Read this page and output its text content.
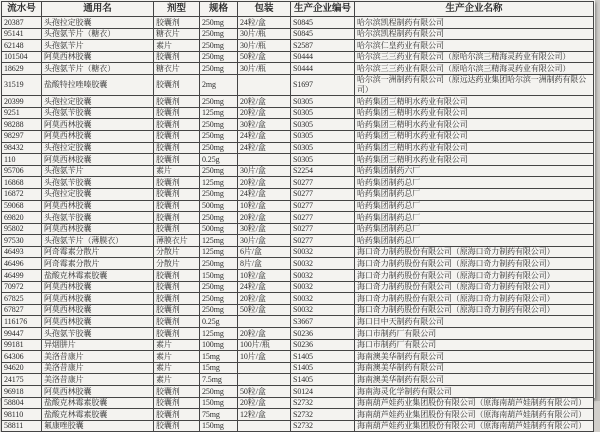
流水号	通用名	剂型	规格	包装	生产企业编号	生产企业名称
20387	头孢拉定胶囊	胶囊剂	250mg	24粒/盒	S0845	哈尔滨凯程制药有限公司
95141	头孢氨苄片（糖衣）	糖衣片	250mg	30片/瓶	S0845	哈尔滨凯程制药有限公司
62148	头孢氨苄片	素片	250mg	30片/瓶	S2587	哈尔滨仁皇药业有限公司
101504	阿莫西林胶囊	胶囊剂	250mg	50粒/盒	S0444	哈尔滨三三药业有限公司（原哈尔滨三精海灵药业有限公司）
18629	头孢氨苄片（糖衣）	糖衣片	250mg	30片/瓶	S0444	哈尔滨三三药业有限公司（原哈尔滨三精海灵药业有限公司）
31519	盐酸特拉唑嗪胶囊	胶囊剂	2mg		S1697	哈尔滨一洲制药有限公司（原远达药业集团哈尔滨一洲制药有限公司）
20399	头孢拉定胶囊	胶囊剂	250mg	20粒/盒	S0305	哈药集团三精明水药业有限公司
9251	头孢氨苄胶囊	胶囊剂	125mg	20粒/盒	S0305	哈药集团三精明水药业有限公司
98288	阿莫西林胶囊	胶囊剂	250mg	30粒/盒	S0305	哈药集团三精明水药业有限公司
98297	阿莫西林胶囊	胶囊剂	250mg	24粒/盒	S0305	哈药集团三精明水药业有限公司
98432	头孢拉定胶囊	胶囊剂	250mg	24粒/盒	S0305	哈药集团三精明水药业有限公司
110	阿莫西林胶囊	胶囊剂	0.25g		S0305	哈药集团三精明水药业有限公司
95706	头孢氨苄片	素片	250mg	30片/盒	S2254	哈药集团制药六厂
16868	头孢氨苄胶囊	胶囊剂	125mg	20粒/盒	S0277	哈药集团制药总厂
16872	头孢拉定胶囊	胶囊剂	250mg	24粒/盒	S0277	哈药集团制药总厂
59068	阿莫西林胶囊	胶囊剂	500mg	10粒/盒	S0277	哈药集团制药总厂
69820	头孢氨苄胶囊	胶囊剂	250mg	20粒/盒	S0277	哈药集团制药总厂
95802	阿莫西林胶囊	胶囊剂	500mg	30粒/盒	S0277	哈药集团制药总厂
97530	头孢氨苄片（薄膜衣）	薄膜衣片	125mg	30片/盒	S0277	哈药集团制药总厂
46493	阿奇霉素分散片	分散片	125mg	6片/盒	S0032	海口奇力制药股份有限公司（原海口奇力制药有限公司）
46496	阿奇霉素分散片	分散片	250mg	8片/盒	S0032	海口奇力制药股份有限公司（原海口奇力制药有限公司）
46499	盐酸克林霉素胶囊	胶囊剂	150mg	10粒/盒	S0032	海口奇力制药股份有限公司（原海口奇力制药有限公司）
70972	阿莫西林胶囊	胶囊剂	250mg	24粒/盒	S0032	海口奇力制药股份有限公司（原海口奇力制药有限公司）
67825	阿莫西林胶囊	胶囊剂	250mg	20粒/盒	S0032	海口奇力制药股份有限公司（原海口奇力制药有限公司）
67827	阿莫西林胶囊	胶囊剂	250mg	50粒/盒	S0032	海口奇力制药股份有限公司（原海口奇力制药有限公司）
116176	阿莫西林胶囊	胶囊剂	0.25g		S3667	海口日中天制药有限公司
99447	头孢氨苄胶囊	胶囊剂	125mg	20粒/盒	S0236	海口市制药厂有限公司
99181	异烟肼片	素片	100mg	100片/瓶	S0236	海口市制药厂有限公司
64306	美洛昔康片	素片	15mg	10片/盒	S1405	海南澳美华制药有限公司
94620	美洛昔康片	素片	15mg		S1405	海南澳美华制药有限公司
24175	美洛昔康片	素片	7.5mg		S1405	海南澳美华制药有限公司
96918	阿莫西林胶囊	胶囊剂	250mg	50粒/盒	S0124	海南海灵化学制药有限公司
58804	盐酸克林霉素胶囊	胶囊剂	150mg	20粒/盒	S2732	海南葫芦娃药业集团股份有限公司（原海南葫芦娃制药有限公司）
98110	盐酸克林霉素胶囊	胶囊剂	75mg	12粒/盒	S2732	海南葫芦娃药业集团股份有限公司（原海南葫芦娃制药有限公司）
58811	氟康唑胶囊	胶囊剂	150mg		S2732	海南葫芦娃药业集团股份有限公司（原海南葫芦娃制药有限公司）
